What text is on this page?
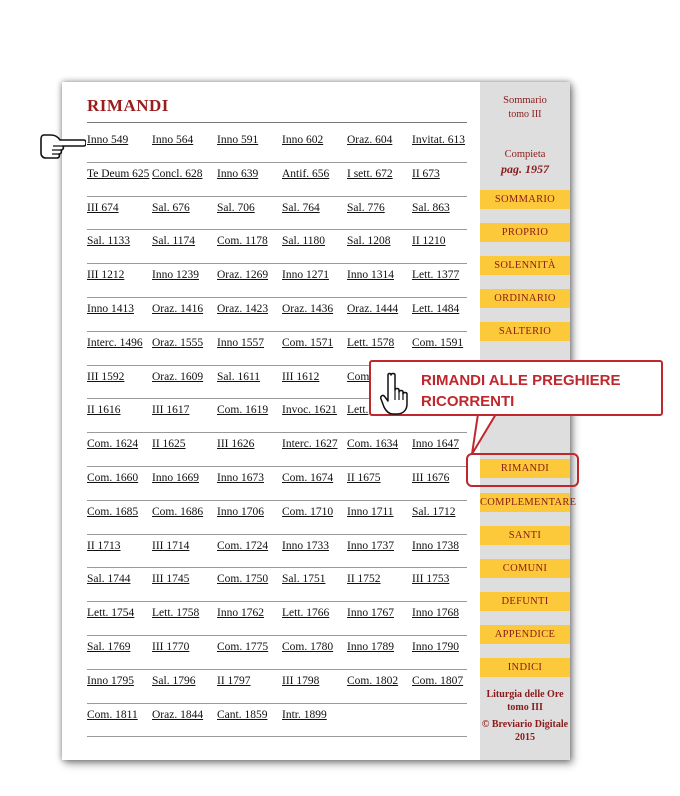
RIMANDI
Inno 549 Inno 564 Inno 591 Inno 602 Oraz. 604 Invitat. 613
Te Deum 625 Concl. 628 Inno 639 Antif. 656 I sett. 672 II 673
III 674	Sal. 676 Sal. 706 Sal. 764 Sal. 776 Sal. 863
Sal. 1133 Sal. 1174 Com. 1178 Sal. 1180 Sal. 1208 II 1210
III 1212 Inno 1239 Oraz. 1269 Inno 1271 Inno 1314 Lett. 1377
Inno 1413 Oraz. 1416 Oraz. 1423 Oraz. 1436 Oraz. 1444 Lett. 1484
Interc. 1496 Oraz. 1555 Inno 1557 Com. 1571 Lett. 1578 Com. 1591
III 1592 Oraz. 1609 Sal. 1611 III 1612 Com
II 1616	III 1617 Com. 1619 Invoc. 1621 Lett.
Com. 1624 II 1625	III 1626 Interc. 1627 Com. 1634 Inno 1647
Com. 1660 Inno 1669 Inno 1673 Com. 1674 II 1675	III 1676
Com. 1685 Com. 1686 Inno 1706 Com. 1710 Inno 1711 Sal. 1712
II 1713	III 1714 Com. 1724 Inno 1733 Inno 1737 Inno 1738
Sal. 1744 III 1745 Com. 1750 Sal. 1751 II 1752	III 1753
Lett. 1754 Lett. 1758 Inno 1762 Lett. 1766 Inno 1767 Inno 1768
Sal. 1769 III 1770 Com. 1775 Com. 1780 Inno 1789 Inno 1790
Inno 1795 Sal. 1796 II 1797	III 1798 Com. 1802 Com. 1807
Com. 1811 Oraz. 1844 Cant. 1859 Intr. 1899
Sommario
tomo III
Compieta
pag. 1957
SOMMARIO
PROPRIO
SOLENNITÀ
ORDINARIO
SALTERIO
RIMANDI
COMPLEMENTARE
SANTI
COMUNI
DEFUNTI
APPENDICE
INDICI
Liturgia delle Ore
tomo III
© Breviario Digitale
2015
RIMANDI ALLE PREGHIERE
RICORRENTI
